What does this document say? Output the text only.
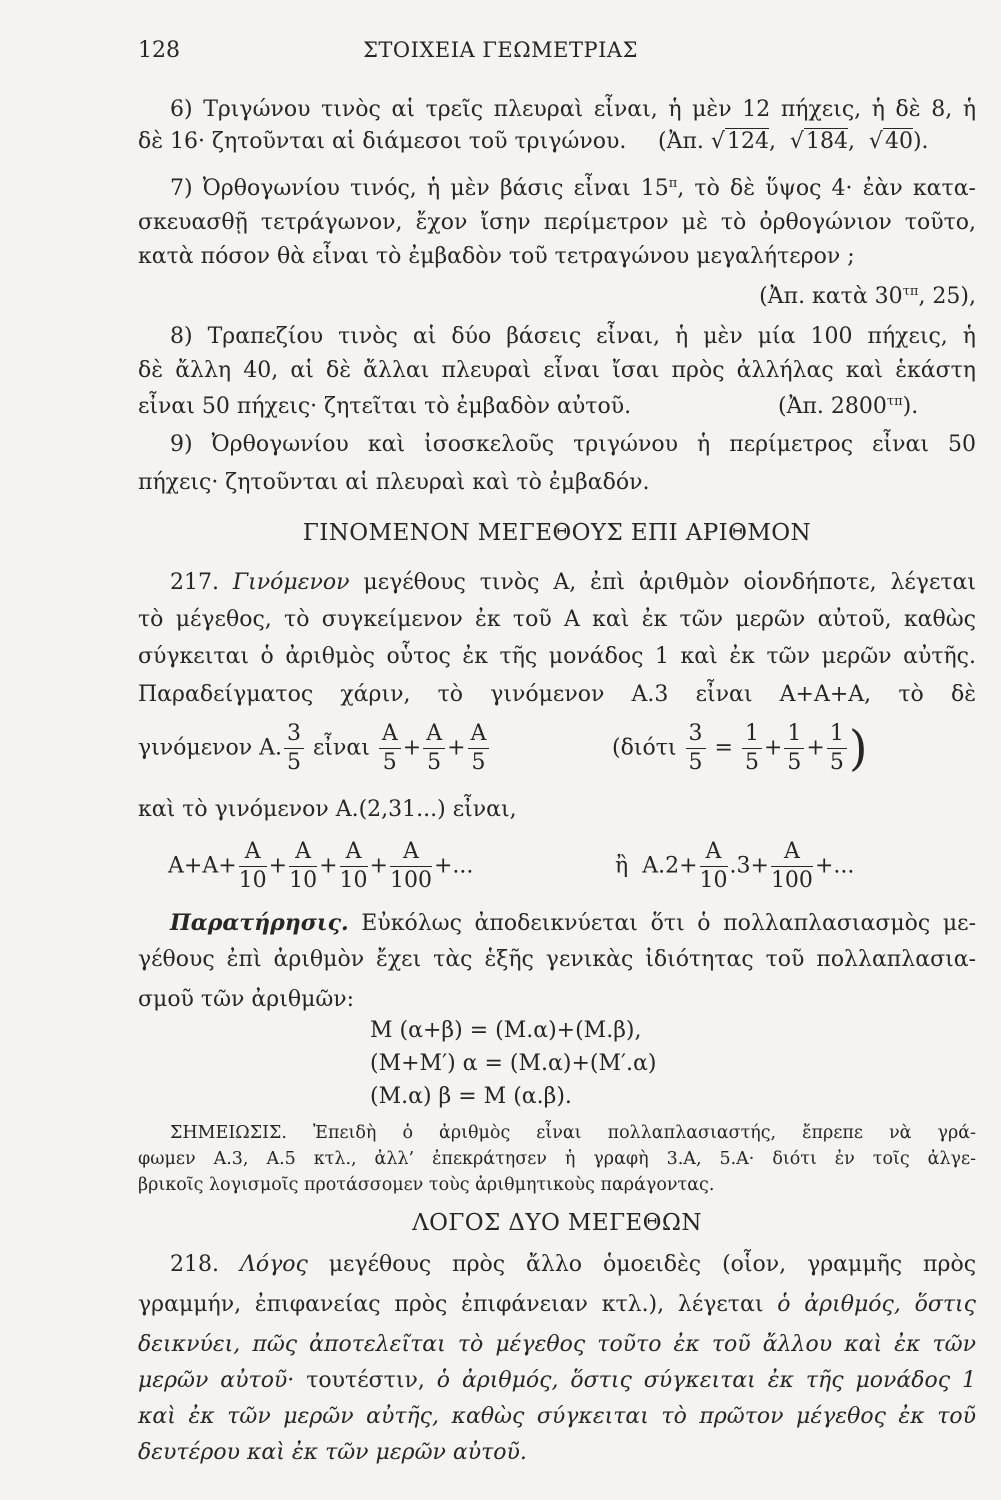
128	ΣΤΟΙΧΕΙΑ ΓΕΩΜΕΤΡΙΑΣ
6) Τριγώνου τινὸς αἱ τρεῖς πλευραὶ εἶναι, ἡ μὲν 12 πήχεις, ἡ δὲ 8, ἡ
δὲ 16· ζητοῦνται αἱ διάμεσοι τοῦ τριγώνου. (Ἀπ. √124,  √184,  √40).
7) Ὀρθογωνίου τινός, ἡ μὲν βάσις εἶναι $15^\pi$, τὸ δὲ ὕψος 4· ἐὰν κατα-
σκευασθῇ τετράγωνον, ἔχον ἴσην περίμετρον μὲ τὸ ὀρθογώνιον τοῦτο,
κατὰ πόσον θὰ εἶναι τὸ ἐμβαδὸν τοῦ τετραγώνου μεγαλήτερον ;
(Ἀπ. κατὰ $30^{\tau\pi}$, 25),
8) Τραπεζίου τινὸς αἱ δύο βάσεις εἶναι, ἡ μὲν μία 100 πήχεις, ἡ
δὲ ἄλλη 40, αἱ δὲ ἄλλαι πλευραὶ εἶναι ἴσαι πρὸς ἀλλήλας καὶ ἑκάστη
εἶναι 50 πήχεις· ζητεῖται τὸ ἐμβαδὸν αὐτοῦ.	(Ἀπ. $2800^{\tau\pi}$).
9) Ὀρθογωνίου καὶ ἰσοσκελοῦς τριγώνου ἡ περίμετρος εἶναι 50
πήχεις· ζητοῦνται αἱ πλευραὶ καὶ τὸ ἐμβαδόν.
ΓΙΝΟΜΕΝΟΝ ΜΕΓΕΘΟΥΣ ΕΠΙ ΑΡΙΘΜΟΝ
217. Γινόμενον μεγέθους τινὸς Α, ἐπὶ ἀριθμὸν οἱονδήποτε, λέγεται
τὸ μέγεθος, τὸ συγκείμενον ἐκ τοῦ Α καὶ ἐκ τῶν μερῶν αὐτοῦ, καθὼς
σύγκειται ὁ ἀριθμὸς οὗτος ἐκ τῆς μονάδος 1 καὶ ἐκ τῶν μερῶν αὐτῆς.
Παραδείγματος χάριν, τὸ γινόμενον Α.3 εἶναι Α+Α+Α, τὸ δὲ
γινόμενον Α. $\frac{3}{5}$ εἶναι $\frac{A}{5} + \frac{A}{5} + \frac{A}{5}$	($\delta\iota ό\tau\iota \frac{3}{5} = \frac{1}{5} + \frac{1}{5} + \frac{1}{5}$ )
καὶ τὸ γινόμενον Α.(2,31...) εἶναι,
$A+A+ \frac{A}{10} + \frac{A}{10} + \frac{A}{10} + \frac{A}{100}$ +...	ἢ $A.2+ \frac{A}{10} .3+ \frac{A}{100}$ +...
Παρατήρησις. Εὐκόλως ἀποδεικνύεται ὅτι ὁ πολλαπλασιασμὸς με-
γέθους ἐπὶ ἀριθμὸν ἔχει τὰς ἑξῆς γενικὰς ἰδιότητας τοῦ πολλαπλασια-
σμοῦ τῶν ἀριθμῶν:
Μ (α+β) = (Μ.α)+(Μ.β),
(Μ+Μ′) α = (Μ.α)+(Μ′.α)
(Μ.α) β = Μ (α.β).
ΣΗΜΕΙΩΣΙΣ. Ἐπειδὴ ὁ ἀριθμὸς εἶναι πολλαπλασιαστής, ἔπρεπε νὰ γρά-
φωμεν Α.3, Α.5 κτλ., ἀλλ’ ἐπεκράτησεν ἡ γραφὴ 3.Α, 5.Α· διότι ἐν τοῖς ἀλγε-
βρικοῖς λογισμοῖς προτάσσομεν τοὺς ἀριθμητικοὺς παράγοντας.
ΛΟΓΟΣ ΔΥΟ ΜΕΓΕΘΩΝ
218. Λόγος μεγέθους πρὸς ἄλλο ὁμοειδὲς (οἷον, γραμμῆς πρὸς
γραμμήν, ἐπιφανείας πρὸς ἐπιφάνειαν κτλ.), λέγεται ὁ ἀριθμός, ὅστις
δεικνύει, πῶς ἀποτελεῖται τὸ μέγεθος τοῦτο ἐκ τοῦ ἄλλου καὶ ἐκ τῶν
μερῶν αὐτοῦ· τουτέστιν, ὁ ἀριθμός, ὅστις σύγκειται ἐκ τῆς μονάδος 1
καὶ ἐκ τῶν μερῶν αὐτῆς, καθὼς σύγκειται τὸ πρῶτον μέγεθος ἐκ τοῦ
δευτέρου καὶ ἐκ τῶν μερῶν αὐτοῦ.
